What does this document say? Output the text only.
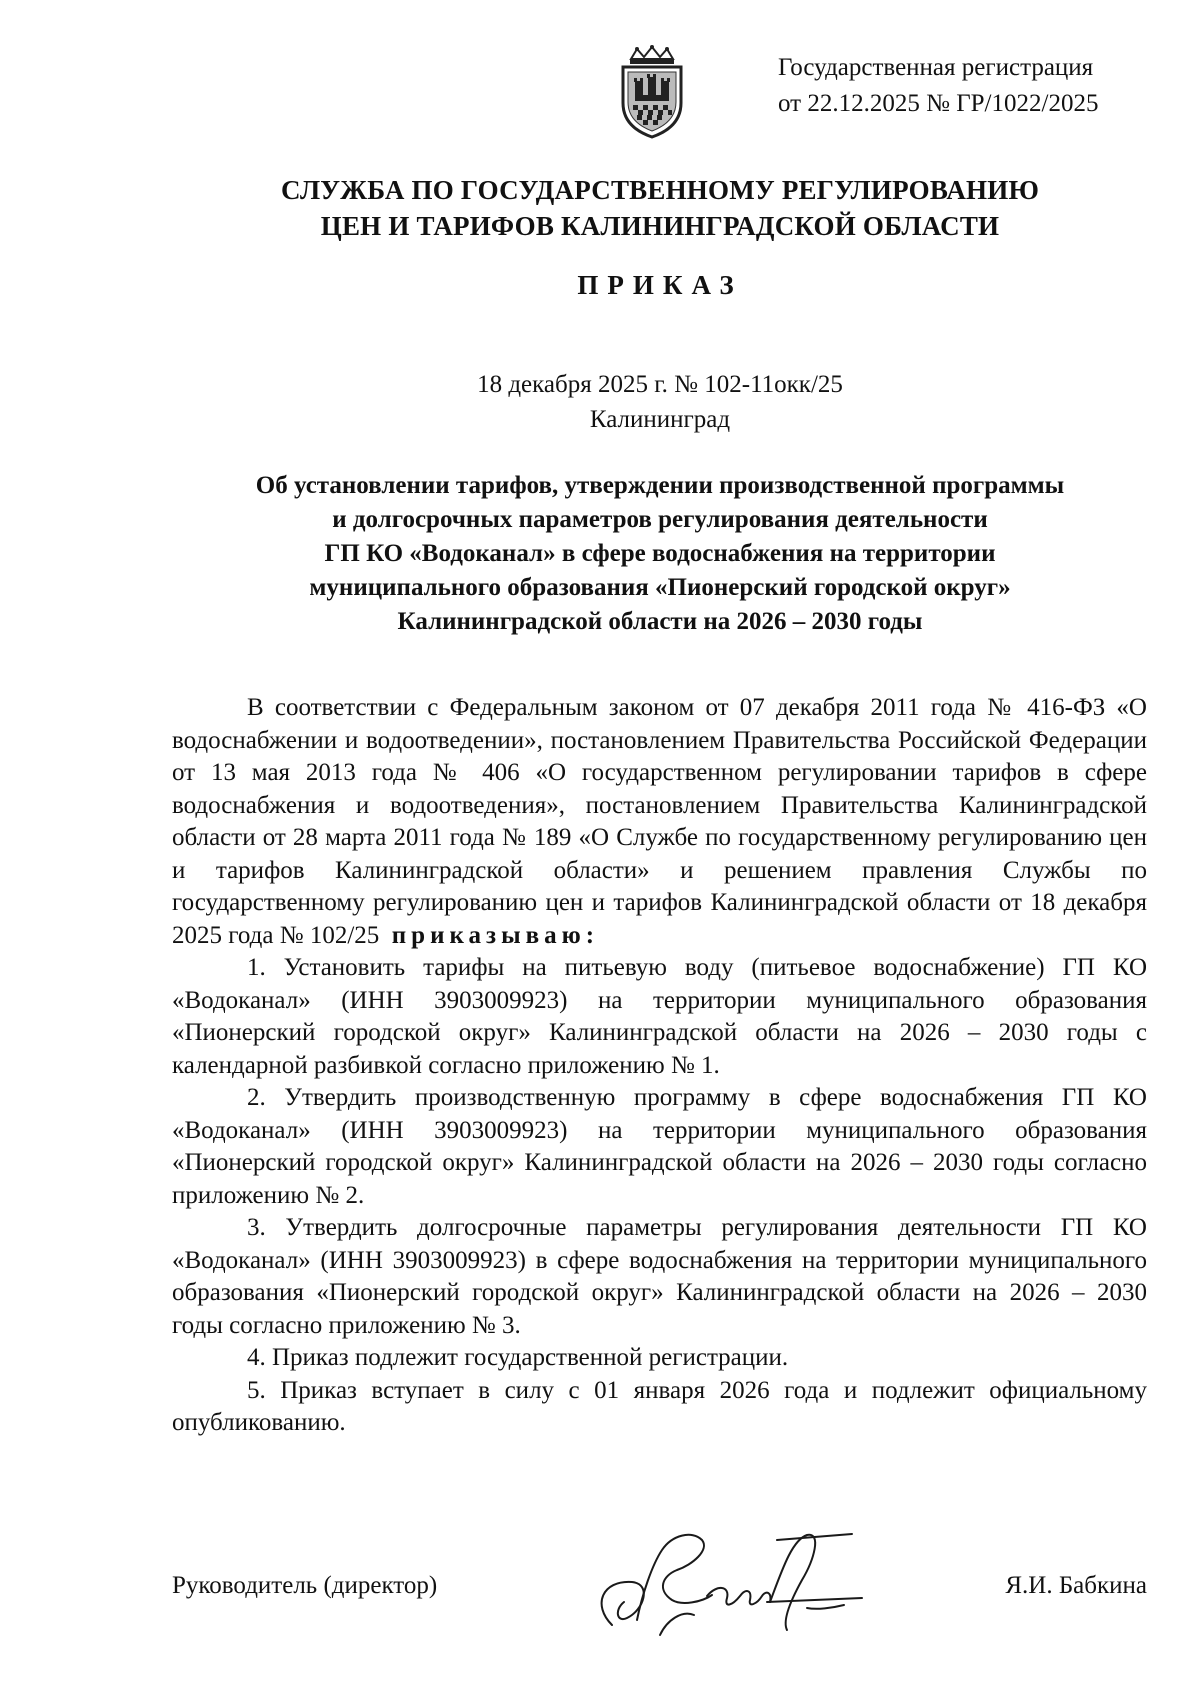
Государственная регистрация
от 22.12.2025 № ГР/1022/2025
СЛУЖБА ПО ГОСУДАРСТВЕННОМУ РЕГУЛИРОВАНИЮ
ЦЕН И ТАРИФОВ КАЛИНИНГРАДСКОЙ ОБЛАСТИ
ПРИКАЗ
18 декабря 2025 г. № 102-11окк/25
Калининград
Об установлении тарифов, утверждении производственной программы
и долгосрочных параметров регулирования деятельности
ГП КО «Водоканал» в сфере водоснабжения на территории
муниципального образования «Пионерский городской округ»
Калининградской области на 2026 – 2030 годы

В соответствии с Федеральным законом от 07 декабря 2011 года № 416-ФЗ «О водоснабжении и водоотведении», постановлением Правительства Российской Федерации от 13 мая 2013 года № 406 «О государственном регулировании тарифов в сфере водоснабжения и водоотведения», постановлением Правительства Калининградской области от 28 марта 2011 года № 189 «О Службе по государственному регулированию цен и тарифов Калининградской области» и решением правления Службы по государственному регулированию цен и тарифов Калининградской области от 18 декабря 2025 года № 102/25 приказываю:

1. Установить тарифы на питьевую воду (питьевое водоснабжение) ГП КО «Водоканал» (ИНН 3903009923) на территории муниципального образования «Пионерский городской округ» Калининградской области на 2026 – 2030 годы с календарной разбивкой согласно приложению № 1.

2. Утвердить производственную программу в сфере водоснабжения ГП КО «Водоканал» (ИНН 3903009923) на территории муниципального образования «Пионерский городской округ» Калининградской области на 2026 – 2030 годы согласно приложению № 2.

3. Утвердить долгосрочные параметры регулирования деятельности ГП КО «Водоканал» (ИНН 3903009923) в сфере водоснабжения на территории муниципального образования «Пионерский городской округ» Калининградской области на 2026 – 2030 годы согласно приложению № 3.

4. Приказ подлежит государственной регистрации.

5. Приказ вступает в силу с 01 января 2026 года и подлежит официальному опубликованию.

Руководитель (директор)	Я.И. Бабкина
